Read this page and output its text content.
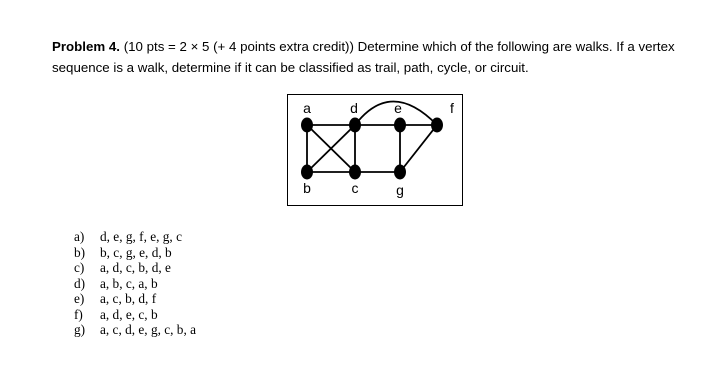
Problem 4. (10 pts = 2 × 5 (+ 4 points extra credit)) Determine which of the following are walks. If a vertex sequence is a walk, determine if it can be classified as trail, path, cycle, or circuit.
a	d	e	f
b	c	g
a)	d, e, g, f, e, g, c
b)	b, c, g, e, d, b
c)	a, d, c, b, d, e
d)	a, b, c, a, b
e)	a, c, b, d, f
f)	a, d, e, c, b
g)	a, c, d, e, g, c, b, a
